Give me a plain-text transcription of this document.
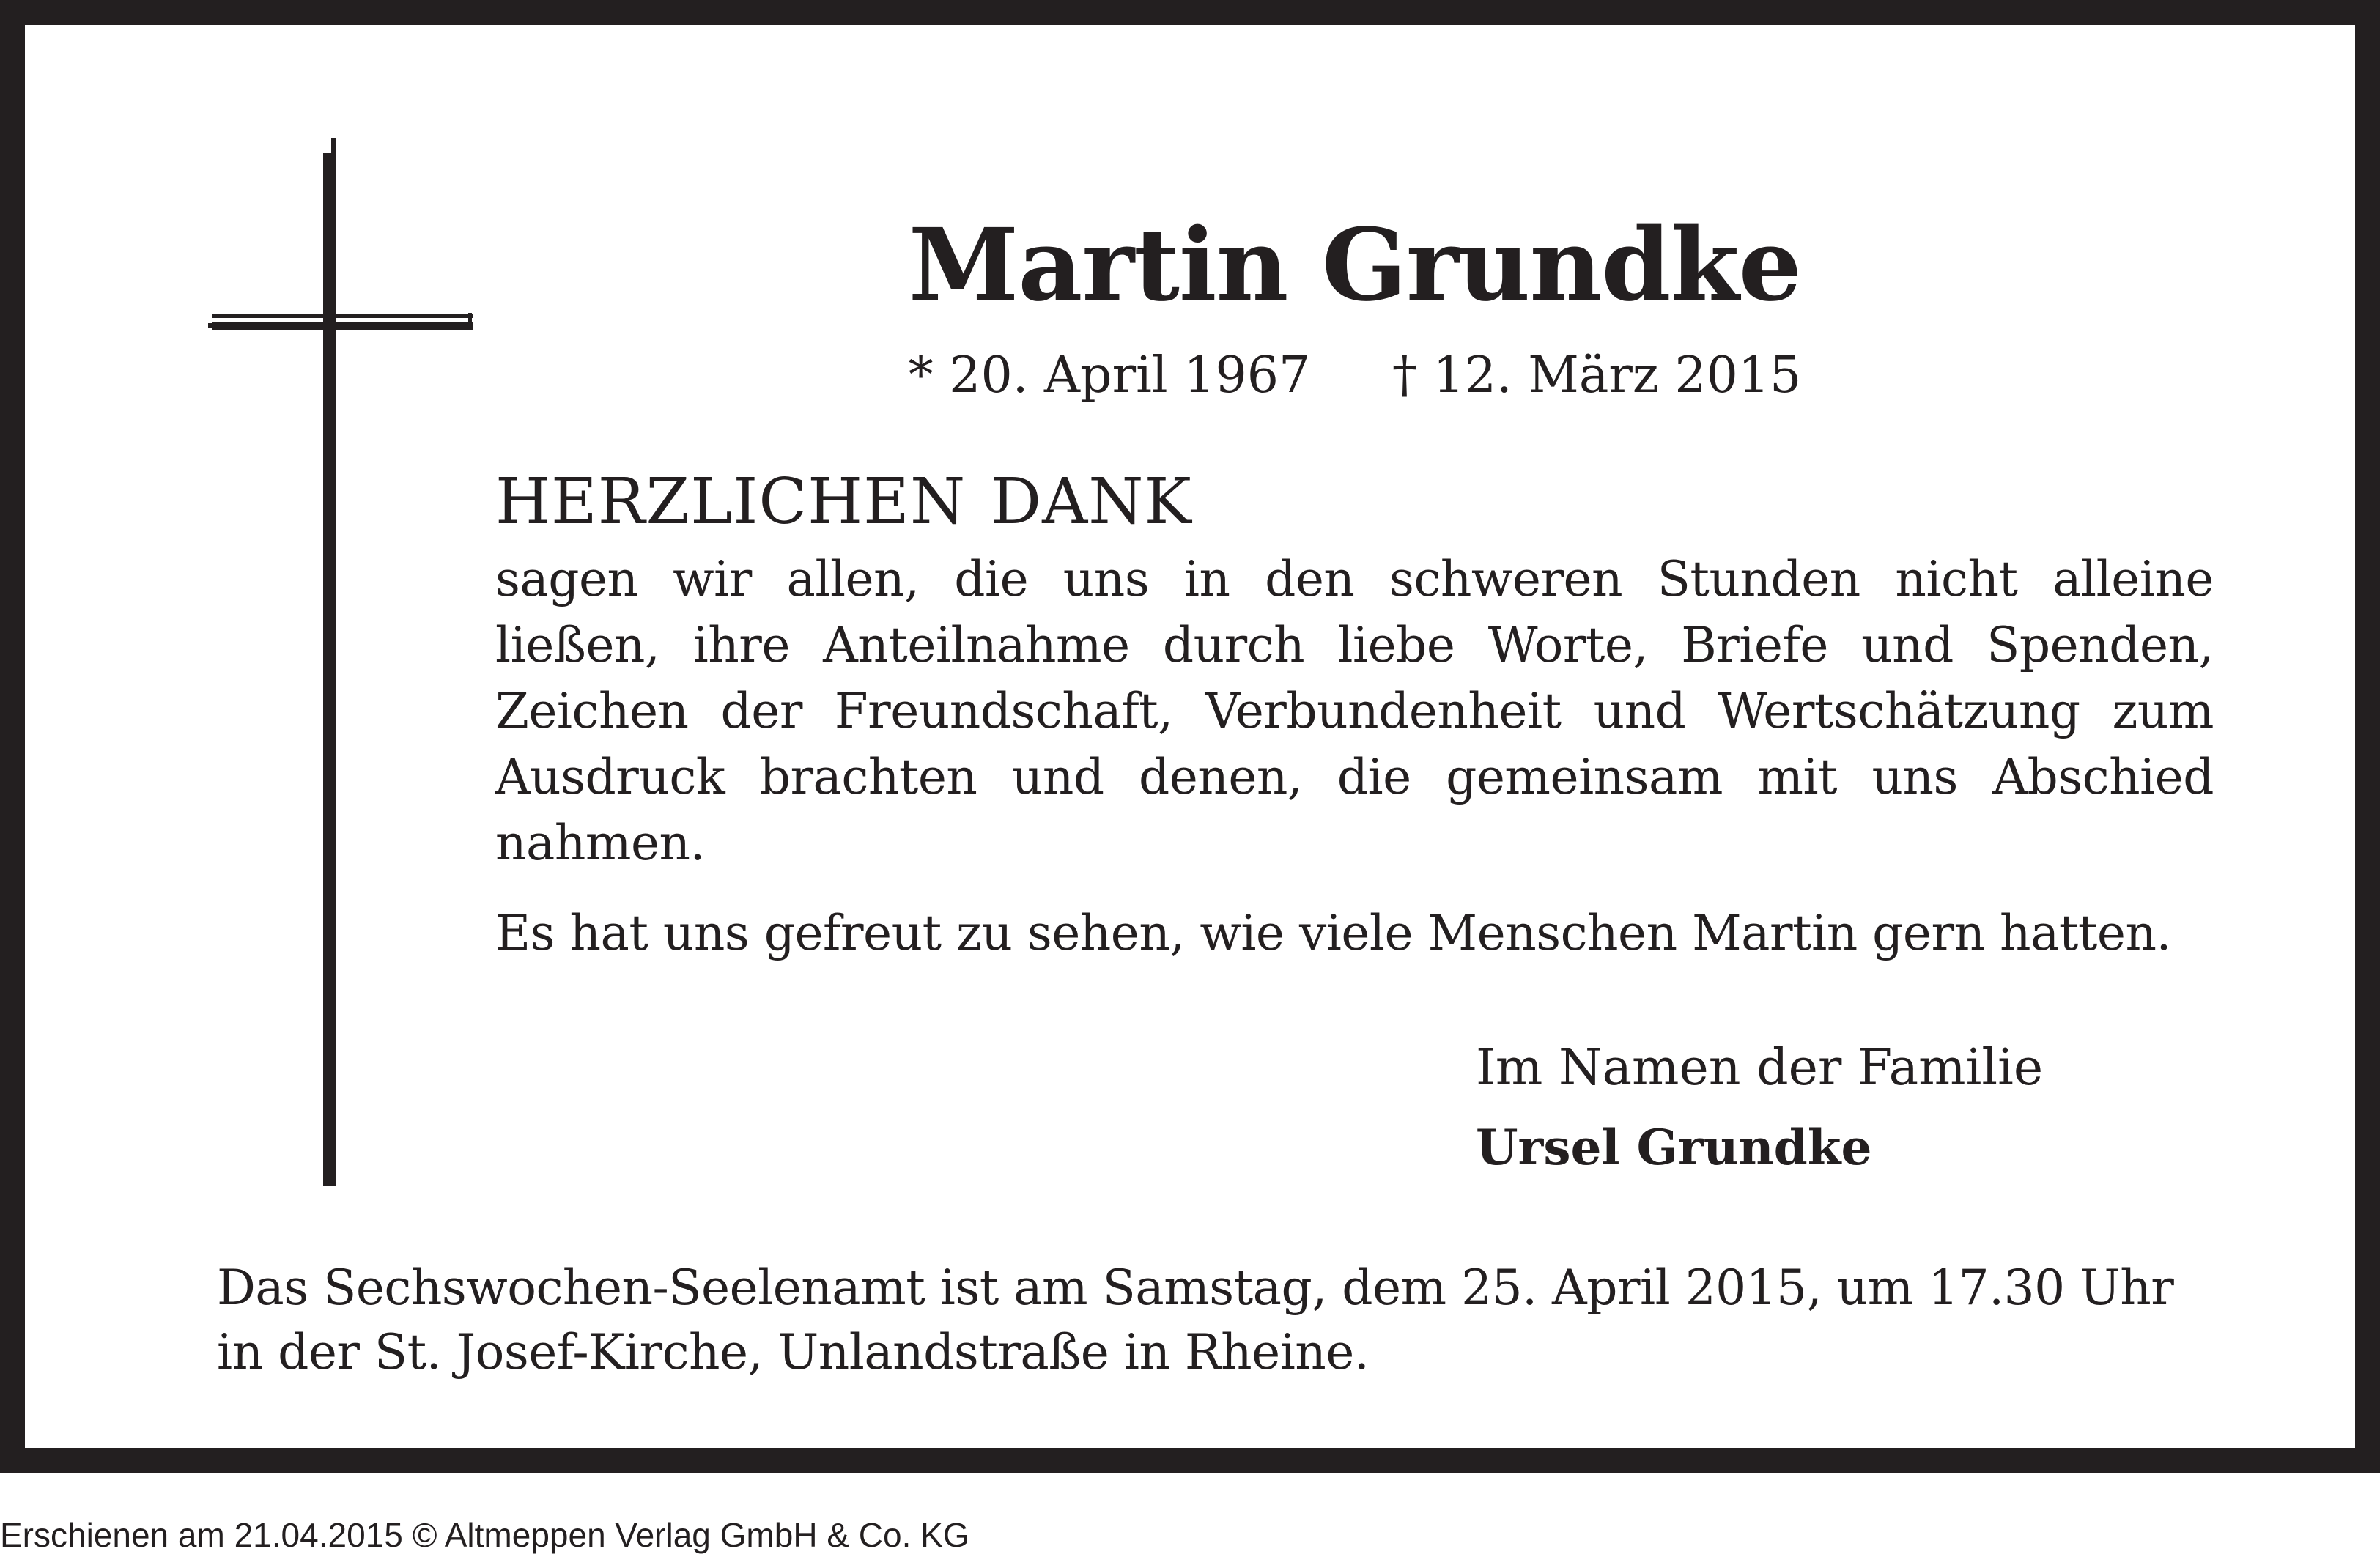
Martin Grundke
* 20. April 1967 † 12. März 2015
HERZLICHEN DANK
sagen wir allen, die uns in den schweren Stunden nicht alleine
ließen, ihre Anteilnahme durch liebe Worte, Briefe und Spenden,
Zeichen der Freundschaft, Verbundenheit und Wertschätzung zum
Ausdruck brachten und denen, die gemeinsam mit uns Abschied
nahmen.
Es hat uns gefreut zu sehen, wie viele Menschen Martin gern hatten.
Im Namen der Familie
Ursel Grundke
Das Sechswochen-Seelenamt ist am Samstag, dem 25. April 2015, um 17.30 Uhr
in der St. Josef-Kirche, Unlandstraße in Rheine.
Erschienen am 21.04.2015 © Altmeppen Verlag GmbH & Co. KG
